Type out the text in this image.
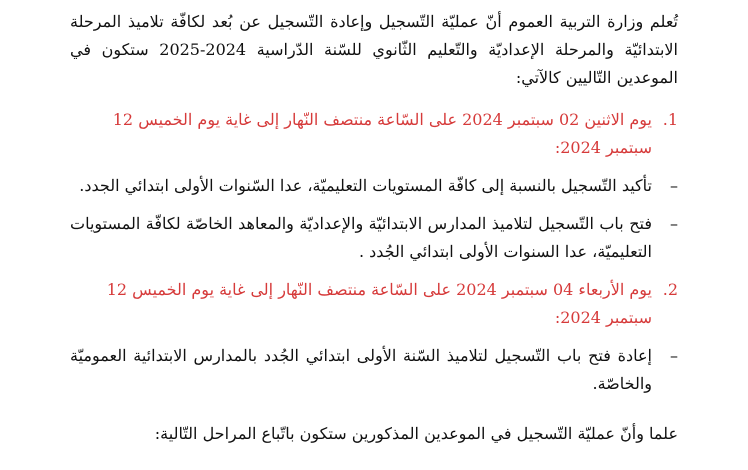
تُعلم وزارة التربية العموم أنّ عمليّة التّسجيل وإعادة التّسجيل عن بُعد لكافّة تلاميذ المرحلة الابتدائيّة والمرحلة الإعداديّة والتّعليم الثّانوي للسّنة الدّراسية 2024-2025 ستكون في الموعدين التّاليين كالآتي:

1.
يوم الاثنين 02 سبتمبر 2024 على السّاعة منتصف النّهار إلى غاية يوم الخميس 12 سبتمبر 2024:
–
تأكيد التّسجيل بالنسبة إلى كافّة المستويات التعليميّة، عدا السّنوات الأولى ابتدائي الجدد.
–
فتح باب التّسجيل لتلاميذ المدارس الابتدائيّة والإعداديّة والمعاهد الخاصّة لكافّة المستويات التعليميّة، عدا السنوات الأولى ابتدائي الجُدد .
2.
يوم الأربعاء 04 سبتمبر 2024 على السّاعة منتصف النّهار إلى غاية يوم الخميس 12 سبتمبر 2024:
–
إعادة فتح باب التّسجيل لتلاميذ السّنة الأولى ابتدائي الجُدد بالمدارس الابتدائية العموميّة والخاصّة.

علما وأنّ عمليّة التّسجيل في الموعدين المذكورين ستكون باتّباع المراحل التّالية:
